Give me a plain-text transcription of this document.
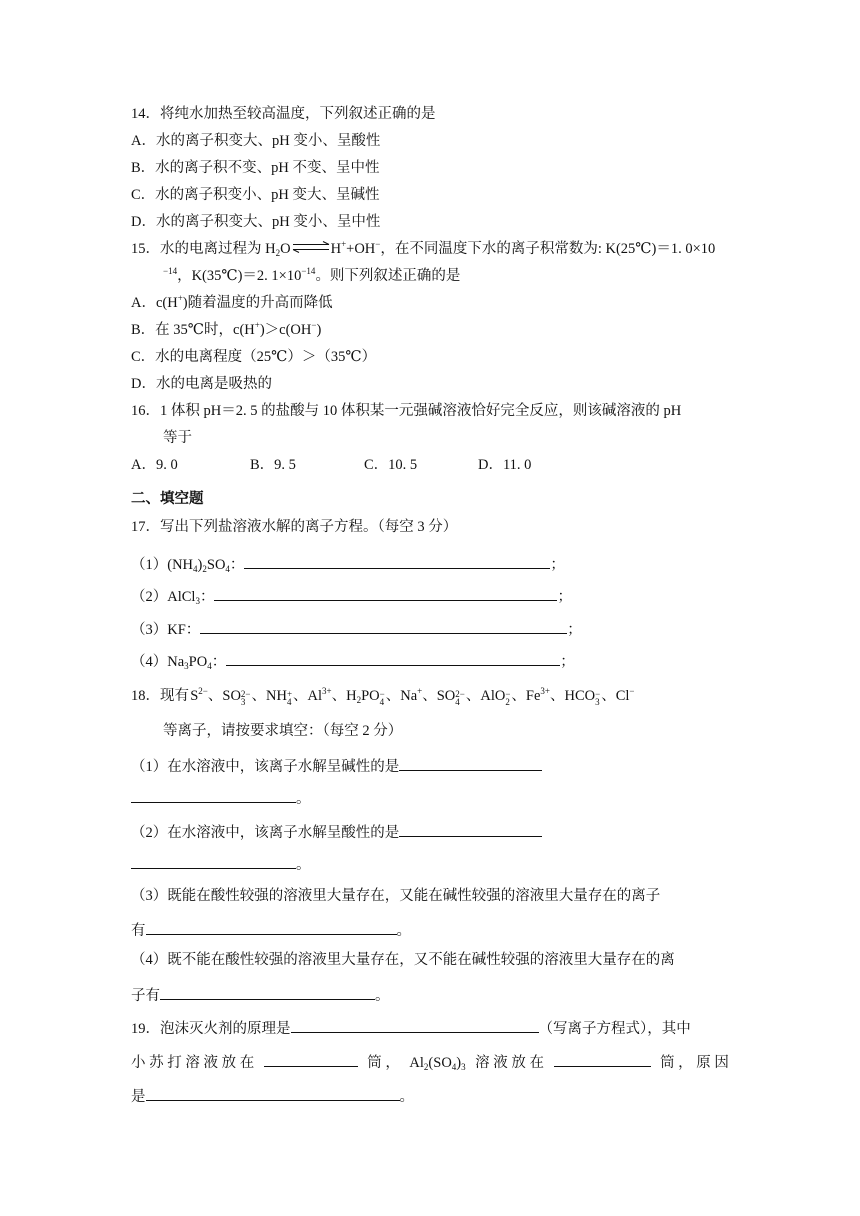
14．将纯水加热至较高温度，下列叙述正确的是
A．水的离子积变大、pH 变小、呈酸性
B．水的离子积不变、pH 不变、呈中性
C．水的离子积变小、pH 变大、呈碱性
D．水的离子积变大、pH 变小、呈中性
15．水的电离过程为 $H_2O\rightleftharpoons H^++OH^-$，在不同温度下水的离子积常数为: K(25℃)＝1. 0×10
$^{-14}$，K(35℃)＝2. $1\times 10^{-14}$。则下列叙述正确的是
A．c(H+)随着温度的升高而降低
B．在 35℃时，c(H+)＞c(OH−)
C．水的电离程度（25℃）＞（35℃）
D．水的电离是吸热的
16．1 体积 pH＝2. 5 的盐酸与 10 体积某一元强碱溶液恰好完全反应，则该碱溶液的 pH
等于
A．9. 0	B．9. 5	C．10. 5	D．11. 0
二、填空题
17．写出下列盐溶液水解的离子方程。（每空 3 分）
$(1)(NH_4)_2SO_4$：	；
（2）AlCl$_3$：	；
（3）KF：	；
$(4)Na_3PO_4$：	；
18．现有 $S^{2-}$、SO2−
3 、NH+
4 、$Al^{3+}$、$H_2PO-$
4 、Na+、SO2−
4 、AlO−
2 、$Fe^{3+}$、HCO−
3 、Cl−
等离子，请按要求填空：（每空 2 分）
（1）在水溶液中，该离子水解呈碱性的是
。
（2）在水溶液中，该离子水解呈酸性的是
。
（3）既能在酸性较强的溶液里大量存在，又能在碱性较强的溶液里大量存在的离子
有	。
（4）既不能在酸性较强的溶液里大量存在，又不能在碱性较强的溶液里大量存在的离
子有	。
19．泡沫灭火剂的原理是	（写离子方程式），其中
小 苏 打 溶 液 放 在	筒 ， $Al_2(SO_4)_3$ 溶 液 放 在	筒 ， 原 因
是	。
